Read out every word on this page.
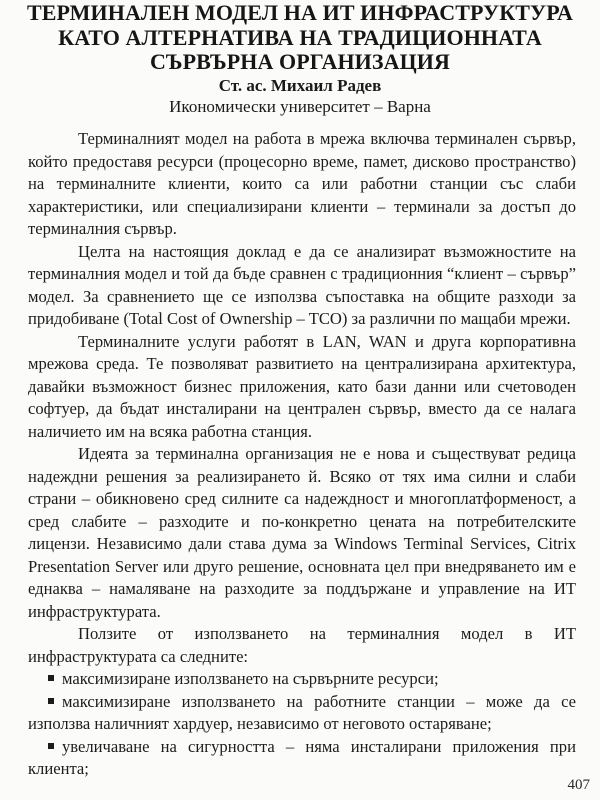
ТЕРМИНАЛЕН МОДЕЛ НА ИТ ИНФРАСТРУКТУРА
КАТО АЛТЕРНАТИВА НА ТРАДИЦИОННАТА
СЪРВЪРНА ОРГАНИЗАЦИЯ
Ст. ас. Михаил Радев
Икономически университет – Варна

Терминалният модел на работа в мрежа включва терминален сървър, който предоставя ресурси (процесорно време, памет, дисково пространство) на терминалните клиенти, които са или работни станции със слаби характеристики, или специализирани клиенти – терминали за достъп до терминалния сървър.

Целта на настоящия доклад е да се анализират възможностите на терминалния модел и той да бъде сравнен с традиционния “клиент – сървър” модел. За сравнението ще се използва съпоставка на общите разходи за придобиване (Total Cost of Ownership – TCO) за различни по мащаби мрежи.

Терминалните услуги работят в LAN, WAN и друга корпоративна мрежова среда. Те позволяват развитието на централизирана архитектура, давайки възможност бизнес приложения, като бази данни или счетоводен софтуер, да бъдат инсталирани на централен сървър, вместо да се налага наличието им на всяка работна станция.

Идеята за терминална организация не е нова и съществуват редица надеждни решения за реализирането й. Всяко от тях има силни и слаби страни – обикновено сред силните са надеждност и многоплатформеност, а сред слабите – разходите и по-конкретно цената на потребителските лицензи. Независимо дали става дума за Windows Terminal Services, Citrix Presentation Server или друго решение, основната цел при внедряването им е еднаква – намаляване на разходите за поддържане и управление на ИТ инфраструктурата.

Ползите от използването на терминалния модел в ИТ инфраструктурата са следните:

максимизиране използването на сървърните ресурси;
максимизиране използването на работните станции – може да се използва наличният хардуер, независимо от неговото остаряване;
увеличаване на сигурността – няма инсталирани приложения при клиента;
407
